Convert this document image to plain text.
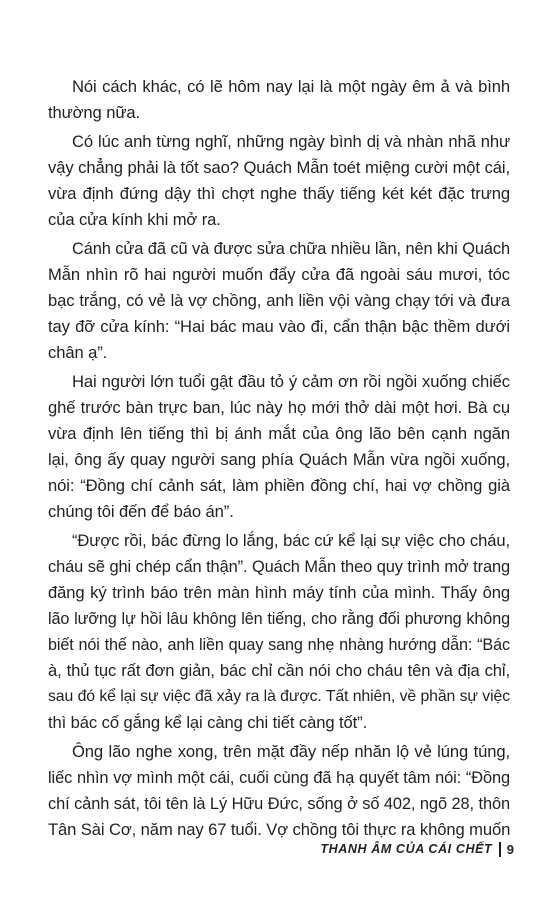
Nói cách khác, có lẽ hôm nay lại là một ngày êm ả và bình
thường nữa.
Có lúc anh từng nghĩ, những ngày bình dị và nhàn nhã như
vậy chẳng phải là tốt sao? Quách Mẫn toét miệng cười một cái,
vừa định đứng dậy thì chợt nghe thấy tiếng két két đặc trưng
của cửa kính khi mở ra.
Cánh cửa đã cũ và được sửa chữa nhiều lần, nên khi Quách
Mẫn nhìn rõ hai người muốn đẩy cửa đã ngoài sáu mươi, tóc
bạc trắng, có vẻ là vợ chồng, anh liền vội vàng chạy tới và đưa
tay đỡ cửa kính: “Hai bác mau vào đi, cẩn thận bậc thềm dưới
chân ạ”.
Hai người lớn tuổi gật đầu tỏ ý cảm ơn rồi ngồi xuống chiếc
ghế trước bàn trực ban, lúc này họ mới thở dài một hơi. Bà cụ
vừa định lên tiếng thì bị ánh mắt của ông lão bên cạnh ngăn
lại, ông ấy quay người sang phía Quách Mẫn vừa ngồi xuống,
nói: “Đồng chí cảnh sát, làm phiền đồng chí, hai vợ chồng già
chúng tôi đến để báo án”.
“Được rồi, bác đừng lo lắng, bác cứ kể lại sự việc cho cháu,
cháu sẽ ghi chép cẩn thận”. Quách Mẫn theo quy trình mở trang
đăng ký trình báo trên màn hình máy tính của mình. Thấy ông
lão lưỡng lự hồi lâu không lên tiếng, cho rằng đối phương không
biết nói thế nào, anh liền quay sang nhẹ nhàng hướng dẫn: “Bác
à, thủ tục rất đơn giản, bác chỉ cần nói cho cháu tên và địa chỉ,
sau đó kể lại sự việc đã xảy ra là được. Tất nhiên, về phần sự việc
thì bác cố gắng kể lại càng chi tiết càng tốt”.
Ông lão nghe xong, trên mặt đầy nếp nhăn lộ vẻ lúng túng,
liếc nhìn vợ mình một cái, cuối cùng đã hạ quyết tâm nói: “Đồng
chí cảnh sát, tôi tên là Lý Hữu Đức, sống ở số 402, ngõ 28, thôn
Tân Sài Cơ, năm nay 67 tuổi. Vợ chồng tôi thực ra không muốn
THANH ÂM CỦA CÁI CHẾT 9
